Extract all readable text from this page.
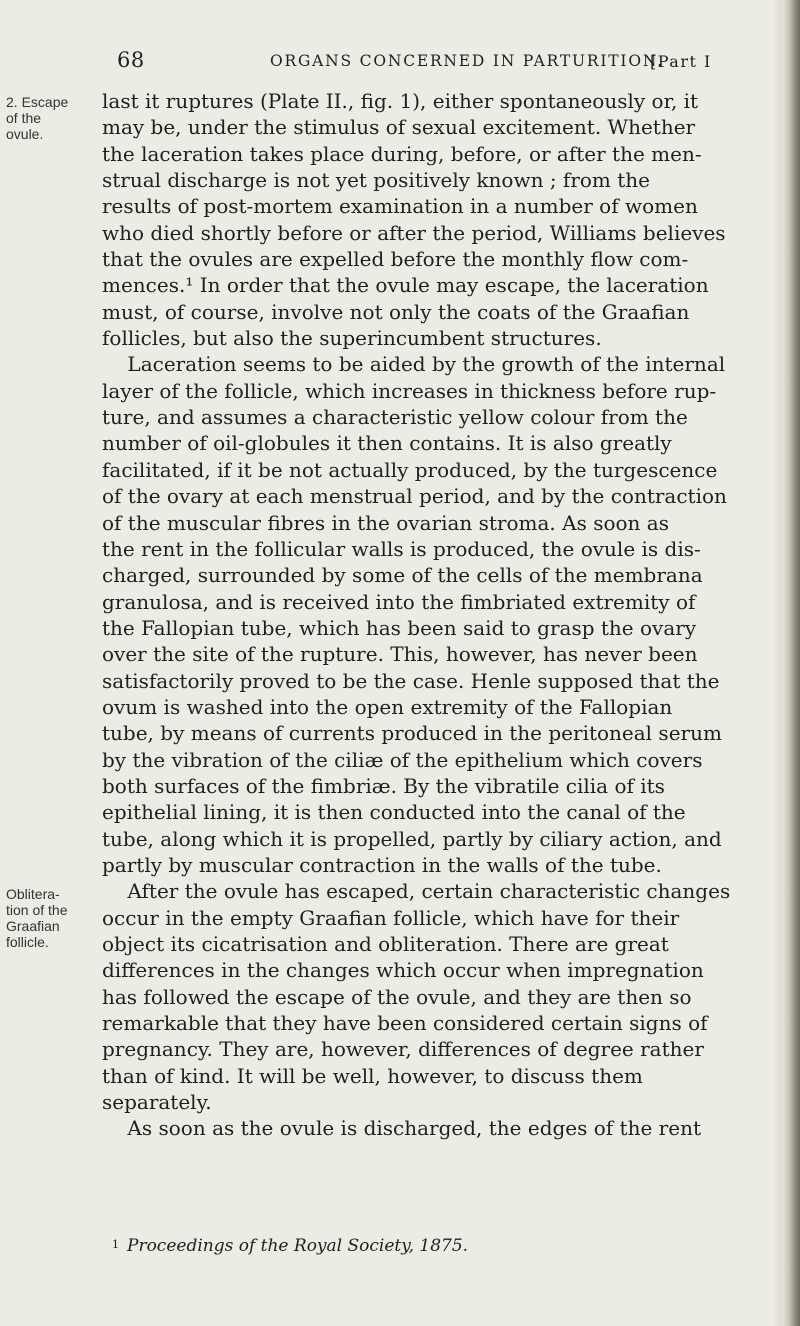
68	ORGANS CONCERNED IN PARTURITION.
[Part I
2. Escape
of the
ovule.
Oblitera-
tion of the
Graafian
follicle.
last it ruptures (Plate II., fig. 1), either spontaneously or, it
may be, under the stimulus of sexual excitement. Whether
the laceration takes place during, before, or after the men-
strual discharge is not yet positively known ; from the
results of post-mortem examination in a number of women
who died shortly before or after the period, Williams believes
that the ovules are expelled before the monthly flow com-
mences.¹ In order that the ovule may escape, the laceration
must, of course, involve not only the coats of the Graafian
follicles, but also the superincumbent structures.
Laceration seems to be aided by the growth of the internal
layer of the follicle, which increases in thickness before rup-
ture, and assumes a characteristic yellow colour from the
number of oil-globules it then contains. It is also greatly
facilitated, if it be not actually produced, by the turgescence
of the ovary at each menstrual period, and by the contraction
of the muscular fibres in the ovarian stroma. As soon as
the rent in the follicular walls is produced, the ovule is dis-
charged, surrounded by some of the cells of the membrana
granulosa, and is received into the fimbriated extremity of
the Fallopian tube, which has been said to grasp the ovary
over the site of the rupture. This, however, has never been
satisfactorily proved to be the case. Henle supposed that the
ovum is washed into the open extremity of the Fallopian
tube, by means of currents produced in the peritoneal serum
by the vibration of the ciliæ of the epithelium which covers
both surfaces of the fimbriæ. By the vibratile cilia of its
epithelial lining, it is then conducted into the canal of the
tube, along which it is propelled, partly by ciliary action, and
partly by muscular contraction in the walls of the tube.
After the ovule has escaped, certain characteristic changes
occur in the empty Graafian follicle, which have for their
object its cicatrisation and obliteration. There are great
differences in the changes which occur when impregnation
has followed the escape of the ovule, and they are then so
remarkable that they have been considered certain signs of
pregnancy. They are, however, differences of degree rather
than of kind. It will be well, however, to discuss them
separately.
As soon as the ovule is discharged, the edges of the rent
1 Proceedings of the Royal Society, 1875.
